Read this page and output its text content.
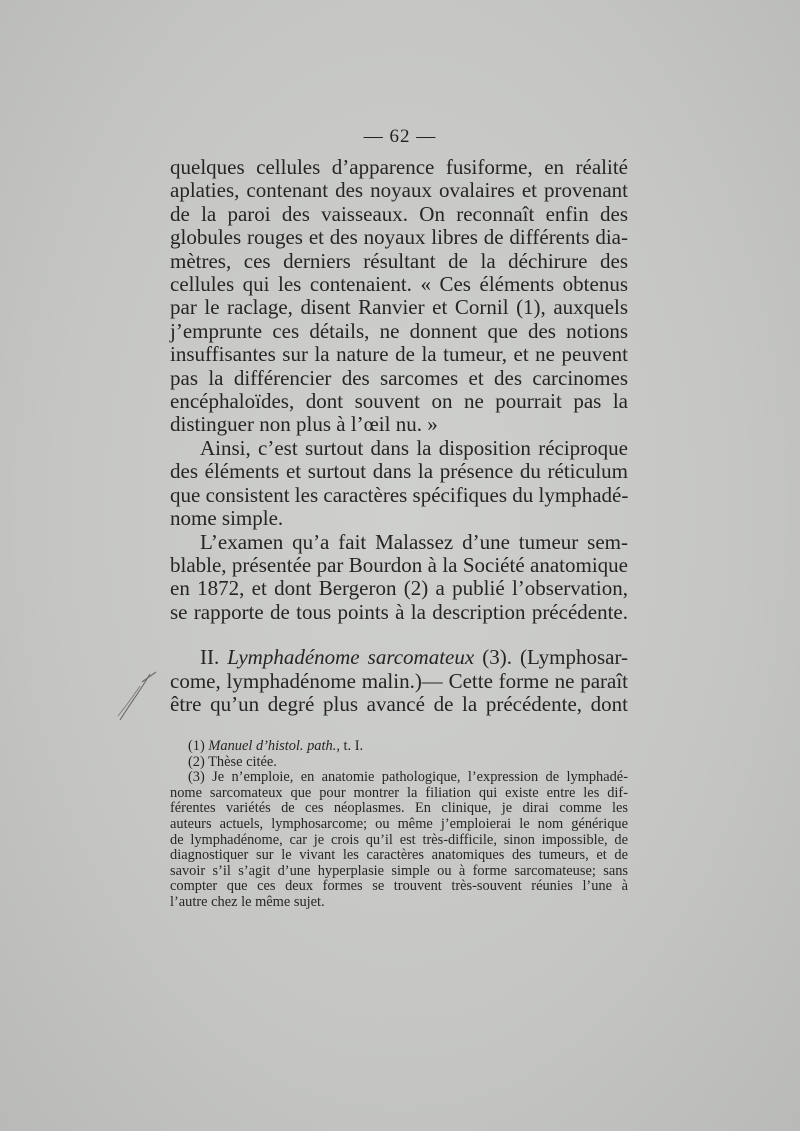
— 62 —
quelques cellules d’apparence fusiforme, en réalité
aplaties, contenant des noyaux ovalaires et provenant
de la paroi des vaisseaux. On reconnaît enfin des
globules rouges et des noyaux libres de différents dia-
mètres, ces derniers résultant de la déchirure des
cellules qui les contenaient. « Ces éléments obtenus
par le raclage, disent Ranvier et Cornil (1), auxquels
j’emprunte ces détails, ne donnent que des notions
insuffisantes sur la nature de la tumeur, et ne peuvent
pas la différencier des sarcomes et des carcinomes
encéphaloïdes, dont souvent on ne pourrait pas la
distinguer non plus à l’œil nu. »
Ainsi, c’est surtout dans la disposition réciproque
des éléments et surtout dans la présence du réticulum
que consistent les caractères spécifiques du lymphadé-
nome simple.
L’examen qu’a fait Malassez d’une tumeur sem-
blable, présentée par Bourdon à la Société anatomique
en 1872, et dont Bergeron (2) a publié l’observation,
se rapporte de tous points à la description précédente.
II. Lymphadénome sarcomateux (3). (Lymphosar-
come, lymphadénome malin.)— Cette forme ne paraît
être qu’un degré plus avancé de la précédente, dont
(1) Manuel d’histol. path., t. I.
(2) Thèse citée.
(3) Je n’emploie, en anatomie pathologique, l’expression de lymphadé-
nome sarcomateux que pour montrer la filiation qui existe entre les dif-
férentes variétés de ces néoplasmes. En clinique, je dirai comme les
auteurs actuels, lymphosarcome; ou même j’emploierai le nom générique
de lymphadénome, car je crois qu’il est très-difficile, sinon impossible, de
diagnostiquer sur le vivant les caractères anatomiques des tumeurs, et de
savoir s’il s’agit d’une hyperplasie simple ou à forme sarcomateuse; sans
compter que ces deux formes se trouvent très-souvent réunies l’une à
l’autre chez le même sujet.
